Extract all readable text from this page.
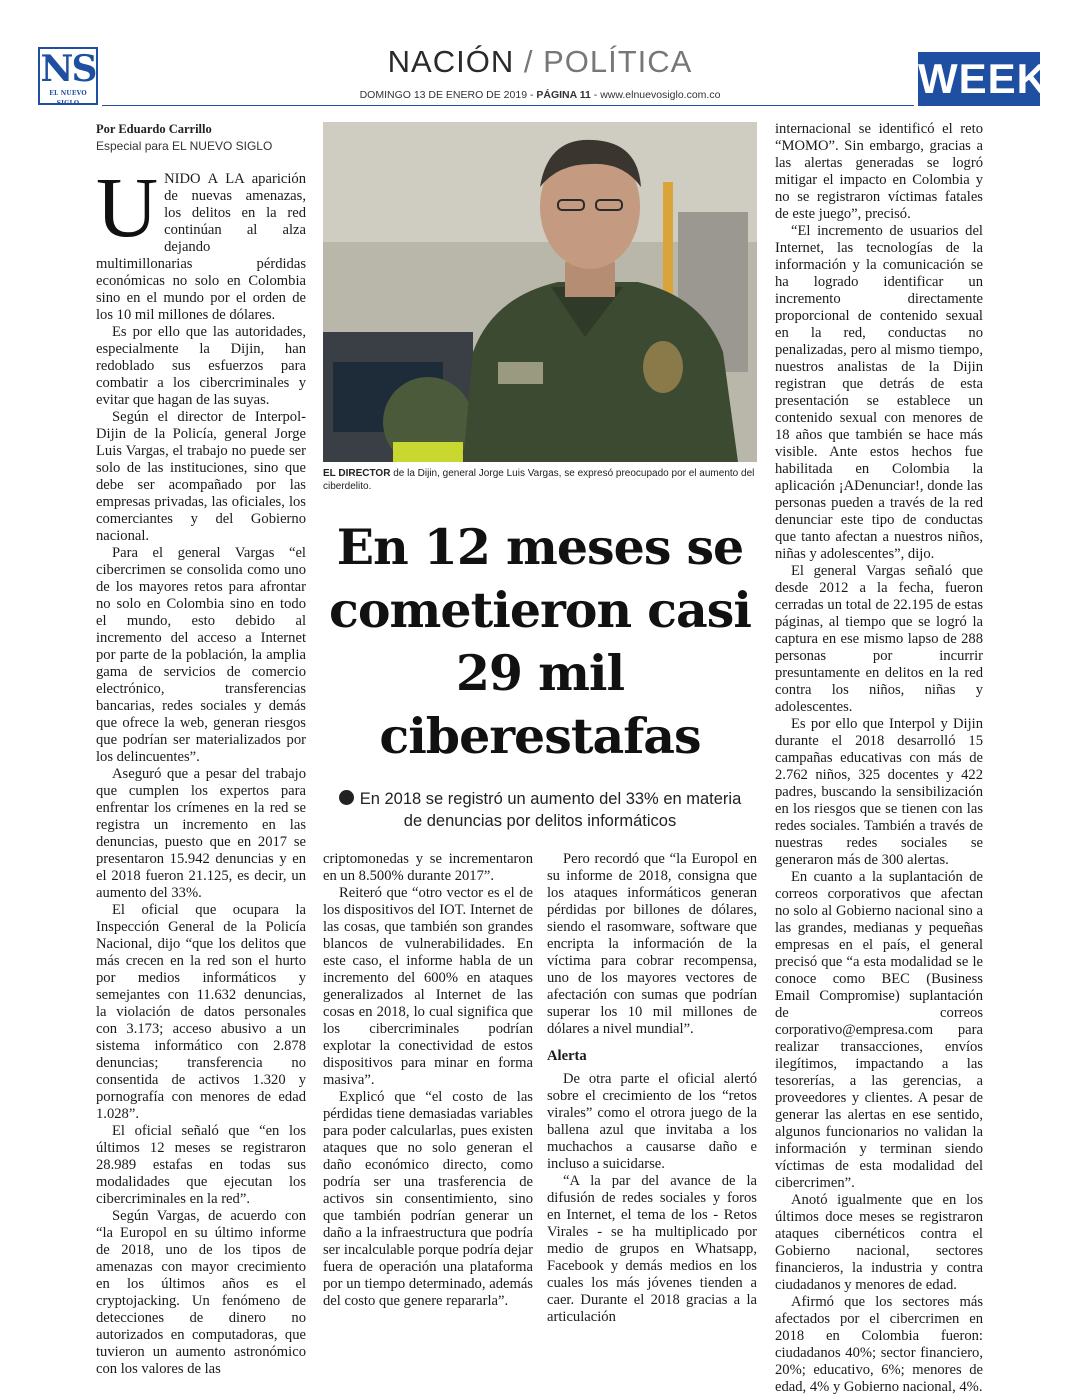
NS
EL NUEVO SIGLO
NACIÓN / POLÍTICA
DOMINGO 13 DE ENERO DE 2019 - PÁGINA 11 - www.elnuevosiglo.com.co	WEEK
Por Eduardo Carrillo
Especial para EL NUEVO SIGLO

UNIDO A LA aparición de nuevas amenazas, los delitos en la red continúan al alza dejando multimillonarias pérdidas económicas no solo en Colombia sino en el mundo por el orden de los 10 mil millones de dólares.

Es por ello que las autoridades, especialmente la Dijin, han redoblado sus esfuerzos para combatir a los cibercriminales y evitar que hagan de las suyas.

Según el director de Interpol-Dijin de la Policía, general Jorge Luis Vargas, el trabajo no puede ser solo de las instituciones, sino que debe ser acompañado por las empresas privadas, las oficiales, los comerciantes y del Gobierno nacional.

Para el general Vargas “el cibercrimen se consolida como uno de los mayores retos para afrontar no solo en Colombia sino en todo el mundo, esto debido al incremento del acceso a Internet por parte de la población, la amplia gama de servicios de comercio electrónico, transferencias bancarias, redes sociales y demás que ofrece la web, generan riesgos que podrían ser materializados por los delincuentes”.

Aseguró que a pesar del trabajo que cumplen los expertos para enfrentar los crímenes en la red se registra un incremento en las denuncias, puesto que en 2017 se presentaron 15.942 denuncias y en el 2018 fueron 21.125, es decir, un aumento del 33%.

El oficial que ocupara la Inspección General de la Policía Nacional, dijo “que los delitos que más crecen en la red son el hurto por medios informáticos y semejantes con 11.632 denuncias, la violación de datos personales con 3.173; acceso abusivo a un sistema informático con 2.878 denuncias; transferencia no consentida de activos 1.320 y pornografía con menores de edad 1.028”.

El oficial señaló que “en los últimos 12 meses se registraron 28.989 estafas en todas sus modalidades que ejecutan los cibercriminales en la red”.

Según Vargas, de acuerdo con “la Europol en su último informe de 2018, uno de los tipos de amenazas con mayor crecimiento en los últimos años es el cryptojacking. Un fenómeno de detecciones de dinero no autorizados en computadoras, que tuvieron un aumento astronómico con los valores de las

EL DIRECTOR de la Dijin, general Jorge Luis Vargas, se expresó preocupado por el aumento del ciberdelito.
En 12 meses se cometieron casi 29 mil ciberestafas
En 2018 se registró un aumento del 33% en materia de denuncias por delitos informáticos

criptomonedas y se incrementaron en un 8.500% durante 2017”.

Reiteró que “otro vector es el de los dispositivos del IOT. Internet de las cosas, que también son grandes blancos de vulnerabilidades. En este caso, el informe habla de un incremento del 600% en ataques generalizados al Internet de las cosas en 2018, lo cual significa que los cibercriminales podrían explotar la conectividad de estos dispositivos para minar en forma masiva”.

Explicó que “el costo de las pérdidas tiene demasiadas variables para poder calcularlas, pues existen ataques que no solo generan el daño económico directo, como podría ser una trasferencia de activos sin consentimiento, sino que también podrían generar un daño a la infraestructura que podría ser incalculable porque podría dejar fuera de operación una plataforma por un tiempo determinado, además del costo que genere repararla”.

Pero recordó que “la Europol en su informe de 2018, consigna que los ataques informáticos generan pérdidas por billones de dólares, siendo el rasomware, software que encripta la información de la víctima para cobrar recompensa, uno de los mayores vectores de afectación con sumas que podrían superar los 10 mil millones de dólares a nivel mundial”.

Alerta

De otra parte el oficial alertó sobre el crecimiento de los “retos virales” como el otrora juego de la ballena azul que invitaba a los muchachos a causarse daño e incluso a suicidarse.

“A la par del avance de la difusión de redes sociales y foros en Internet, el tema de los - Retos Virales - se ha multiplicado por medio de grupos en Whatsapp, Facebook y demás medios en los cuales los más jóvenes tienden a caer. Durante el 2018 gracias a la articulación

internacional se identificó el reto “MOMO”. Sin embargo, gracias a las alertas generadas se logró mitigar el impacto en Colombia y no se registraron víctimas fatales de este juego”, precisó.

“El incremento de usuarios del Internet, las tecnologías de la información y la comunicación se ha logrado identificar un incremento directamente proporcional de contenido sexual en la red, conductas no penalizadas, pero al mismo tiempo, nuestros analistas de la Dijin registran que detrás de esta presentación se establece un contenido sexual con menores de 18 años que también se hace más visible. Ante estos hechos fue habilitada en Colombia la aplicación ¡ADenunciar!, donde las personas pueden a través de la red denunciar este tipo de conductas que tanto afectan a nuestros niños, niñas y adolescentes”, dijo.

El general Vargas señaló que desde 2012 a la fecha, fueron cerradas un total de 22.195 de estas páginas, al tiempo que se logró la captura en ese mismo lapso de 288 personas por incurrir presuntamente en delitos en la red contra los niños, niñas y adolescentes.

Es por ello que Interpol y Dijin durante el 2018 desarrolló 15 campañas educativas con más de 2.762 niños, 325 docentes y 422 padres, buscando la sensibilización en los riesgos que se tienen con las redes sociales. También a través de nuestras redes sociales se generaron más de 300 alertas.

En cuanto a la suplantación de correos corporativos que afectan no solo al Gobierno nacional sino a las grandes, medianas y pequeñas empresas en el país, el general precisó que “a esta modalidad se le conoce como BEC (Business Email Compromise) suplantación de correos corporativo@empresa.com para realizar transacciones, envíos ilegítimos, impactando a las tesorerías, a las gerencias, a proveedores y clientes. A pesar de generar las alertas en ese sentido, algunos funcionarios no validan la información y terminan siendo víctimas de esta modalidad del cibercrimen”.

Anotó igualmente que en los últimos doce meses se registraron ataques cibernéticos contra el Gobierno nacional, sectores financieros, la industria y contra ciudadanos y menores de edad.

Afirmó que los sectores más afectados por el cibercrimen en 2018 en Colombia fueron: ciudadanos 40%; sector financiero, 20%; educativo, 6%; menores de edad, 4% y Gobierno nacional, 4%.
